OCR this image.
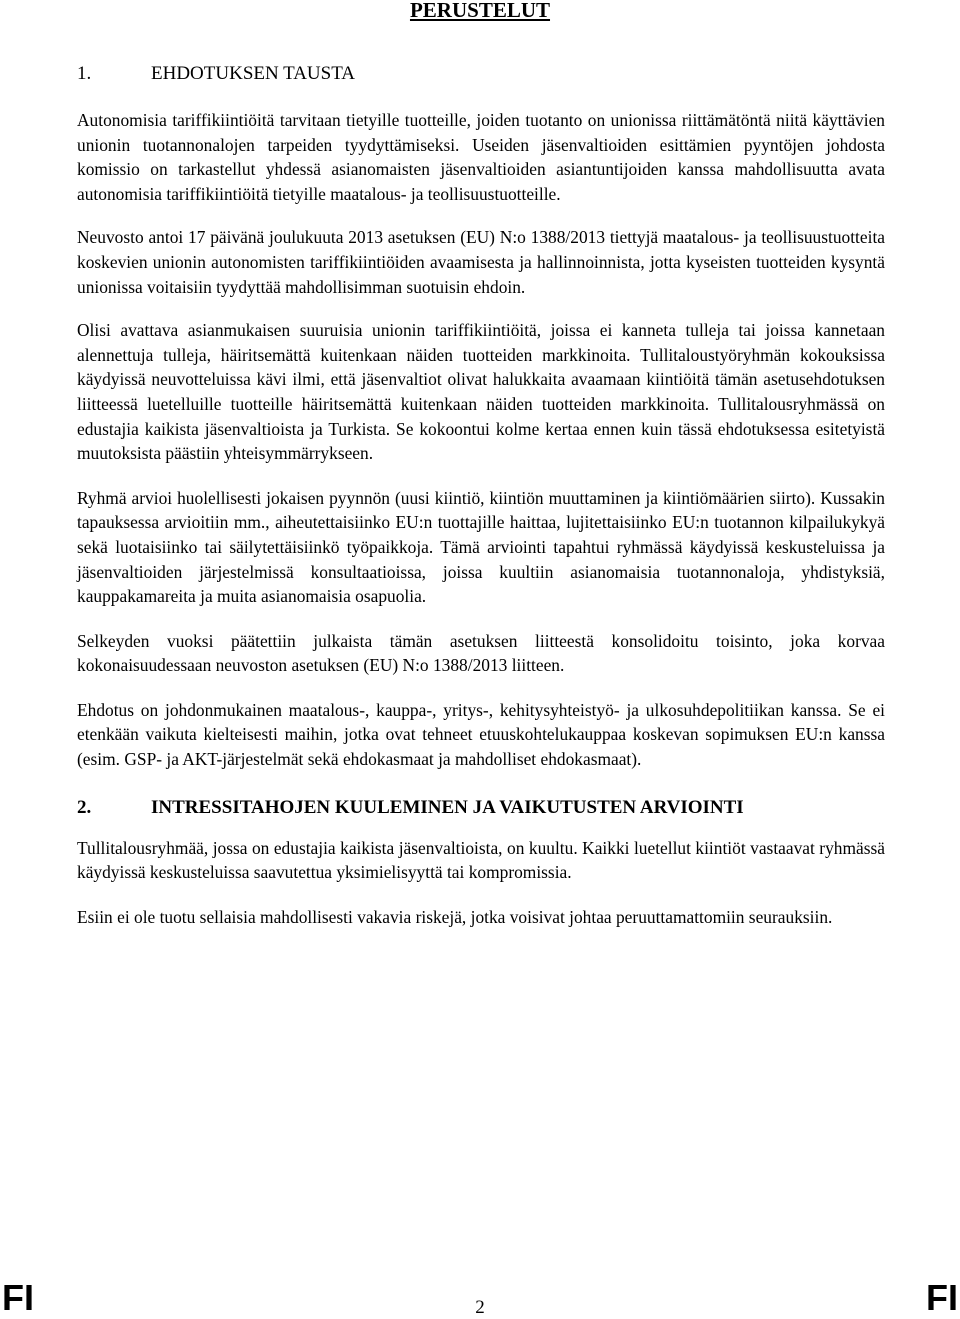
PERUSTELUT
1.	EHDOTUKSEN TAUSTA

Autonomisia tariffikiintiöitä tarvitaan tietyille tuotteille, joiden tuotanto on unionissa riittämätöntä niitä käyttävien unionin tuotannonalojen tarpeiden tyydyttämiseksi. Useiden jäsenvaltioiden esittämien pyyntöjen johdosta komissio on tarkastellut yhdessä asianomaisten jäsenvaltioiden asiantuntijoiden kanssa mahdollisuutta avata autonomisia tariffikiintiöitä tietyille maatalous- ja teollisuustuotteille.

Neuvosto antoi 17 päivänä joulukuuta 2013 asetuksen (EU) N:o 1388/2013 tiettyjä maatalous- ja teollisuustuotteita koskevien unionin autonomisten tariffikiintiöiden avaamisesta ja hallinnoinnista, jotta kyseisten tuotteiden kysyntä unionissa voitaisiin tyydyttää mahdollisimman suotuisin ehdoin.

Olisi avattava asianmukaisen suuruisia unionin tariffikiintiöitä, joissa ei kanneta tulleja tai joissa kannetaan alennettuja tulleja, häiritsemättä kuitenkaan näiden tuotteiden markkinoita. Tullitaloustyöryhmän kokouksissa käydyissä neuvotteluissa kävi ilmi, että jäsenvaltiot olivat halukkaita avaamaan kiintiöitä tämän asetusehdotuksen liitteessä luetelluille tuotteille häiritsemättä kuitenkaan näiden tuotteiden markkinoita. Tullitalousryhmässä on edustajia kaikista jäsenvaltioista ja Turkista. Se kokoontui kolme kertaa ennen kuin tässä ehdotuksessa esitetyistä muutoksista päästiin yhteisymmärrykseen.

Ryhmä arvioi huolellisesti jokaisen pyynnön (uusi kiintiö, kiintiön muuttaminen ja kiintiömäärien siirto). Kussakin tapauksessa arvioitiin mm., aiheutettaisiinko EU:n tuottajille haittaa, lujitettaisiinko EU:n tuotannon kilpailukykyä sekä luotaisiinko tai säilytettäisiinkö työpaikkoja. Tämä arviointi tapahtui ryhmässä käydyissä keskusteluissa ja jäsenvaltioiden järjestelmissä konsultaatioissa, joissa kuultiin asianomaisia tuotannonaloja, yhdistyksiä, kauppakamareita ja muita asianomaisia osapuolia.

Selkeyden vuoksi päätettiin julkaista tämän asetuksen liitteestä konsolidoitu toisinto, joka korvaa kokonaisuudessaan neuvoston asetuksen (EU) N:o 1388/2013 liitteen.

Ehdotus on johdonmukainen maatalous-, kauppa-, yritys-, kehitysyhteistyö- ja ulkosuhdepolitiikan kanssa. Se ei etenkään vaikuta kielteisesti maihin, jotka ovat tehneet etuuskohtelukauppaa koskevan sopimuksen EU:n kanssa (esim. GSP- ja AKT-järjestelmät sekä ehdokasmaat ja mahdolliset ehdokasmaat).

2.	INTRESSITAHOJEN KUULEMINEN JA VAIKUTUSTEN ARVIOINTI

Tullitalousryhmää, jossa on edustajia kaikista jäsenvaltioista, on kuultu. Kaikki luetellut kiintiöt vastaavat ryhmässä käydyissä keskusteluissa saavutettua yksimielisyyttä tai kompromissia.

Esiin ei ole tuotu sellaisia mahdollisesti vakavia riskejä, jotka voisivat johtaa peruuttamattomiin seurauksiin.

FI	2	FI
